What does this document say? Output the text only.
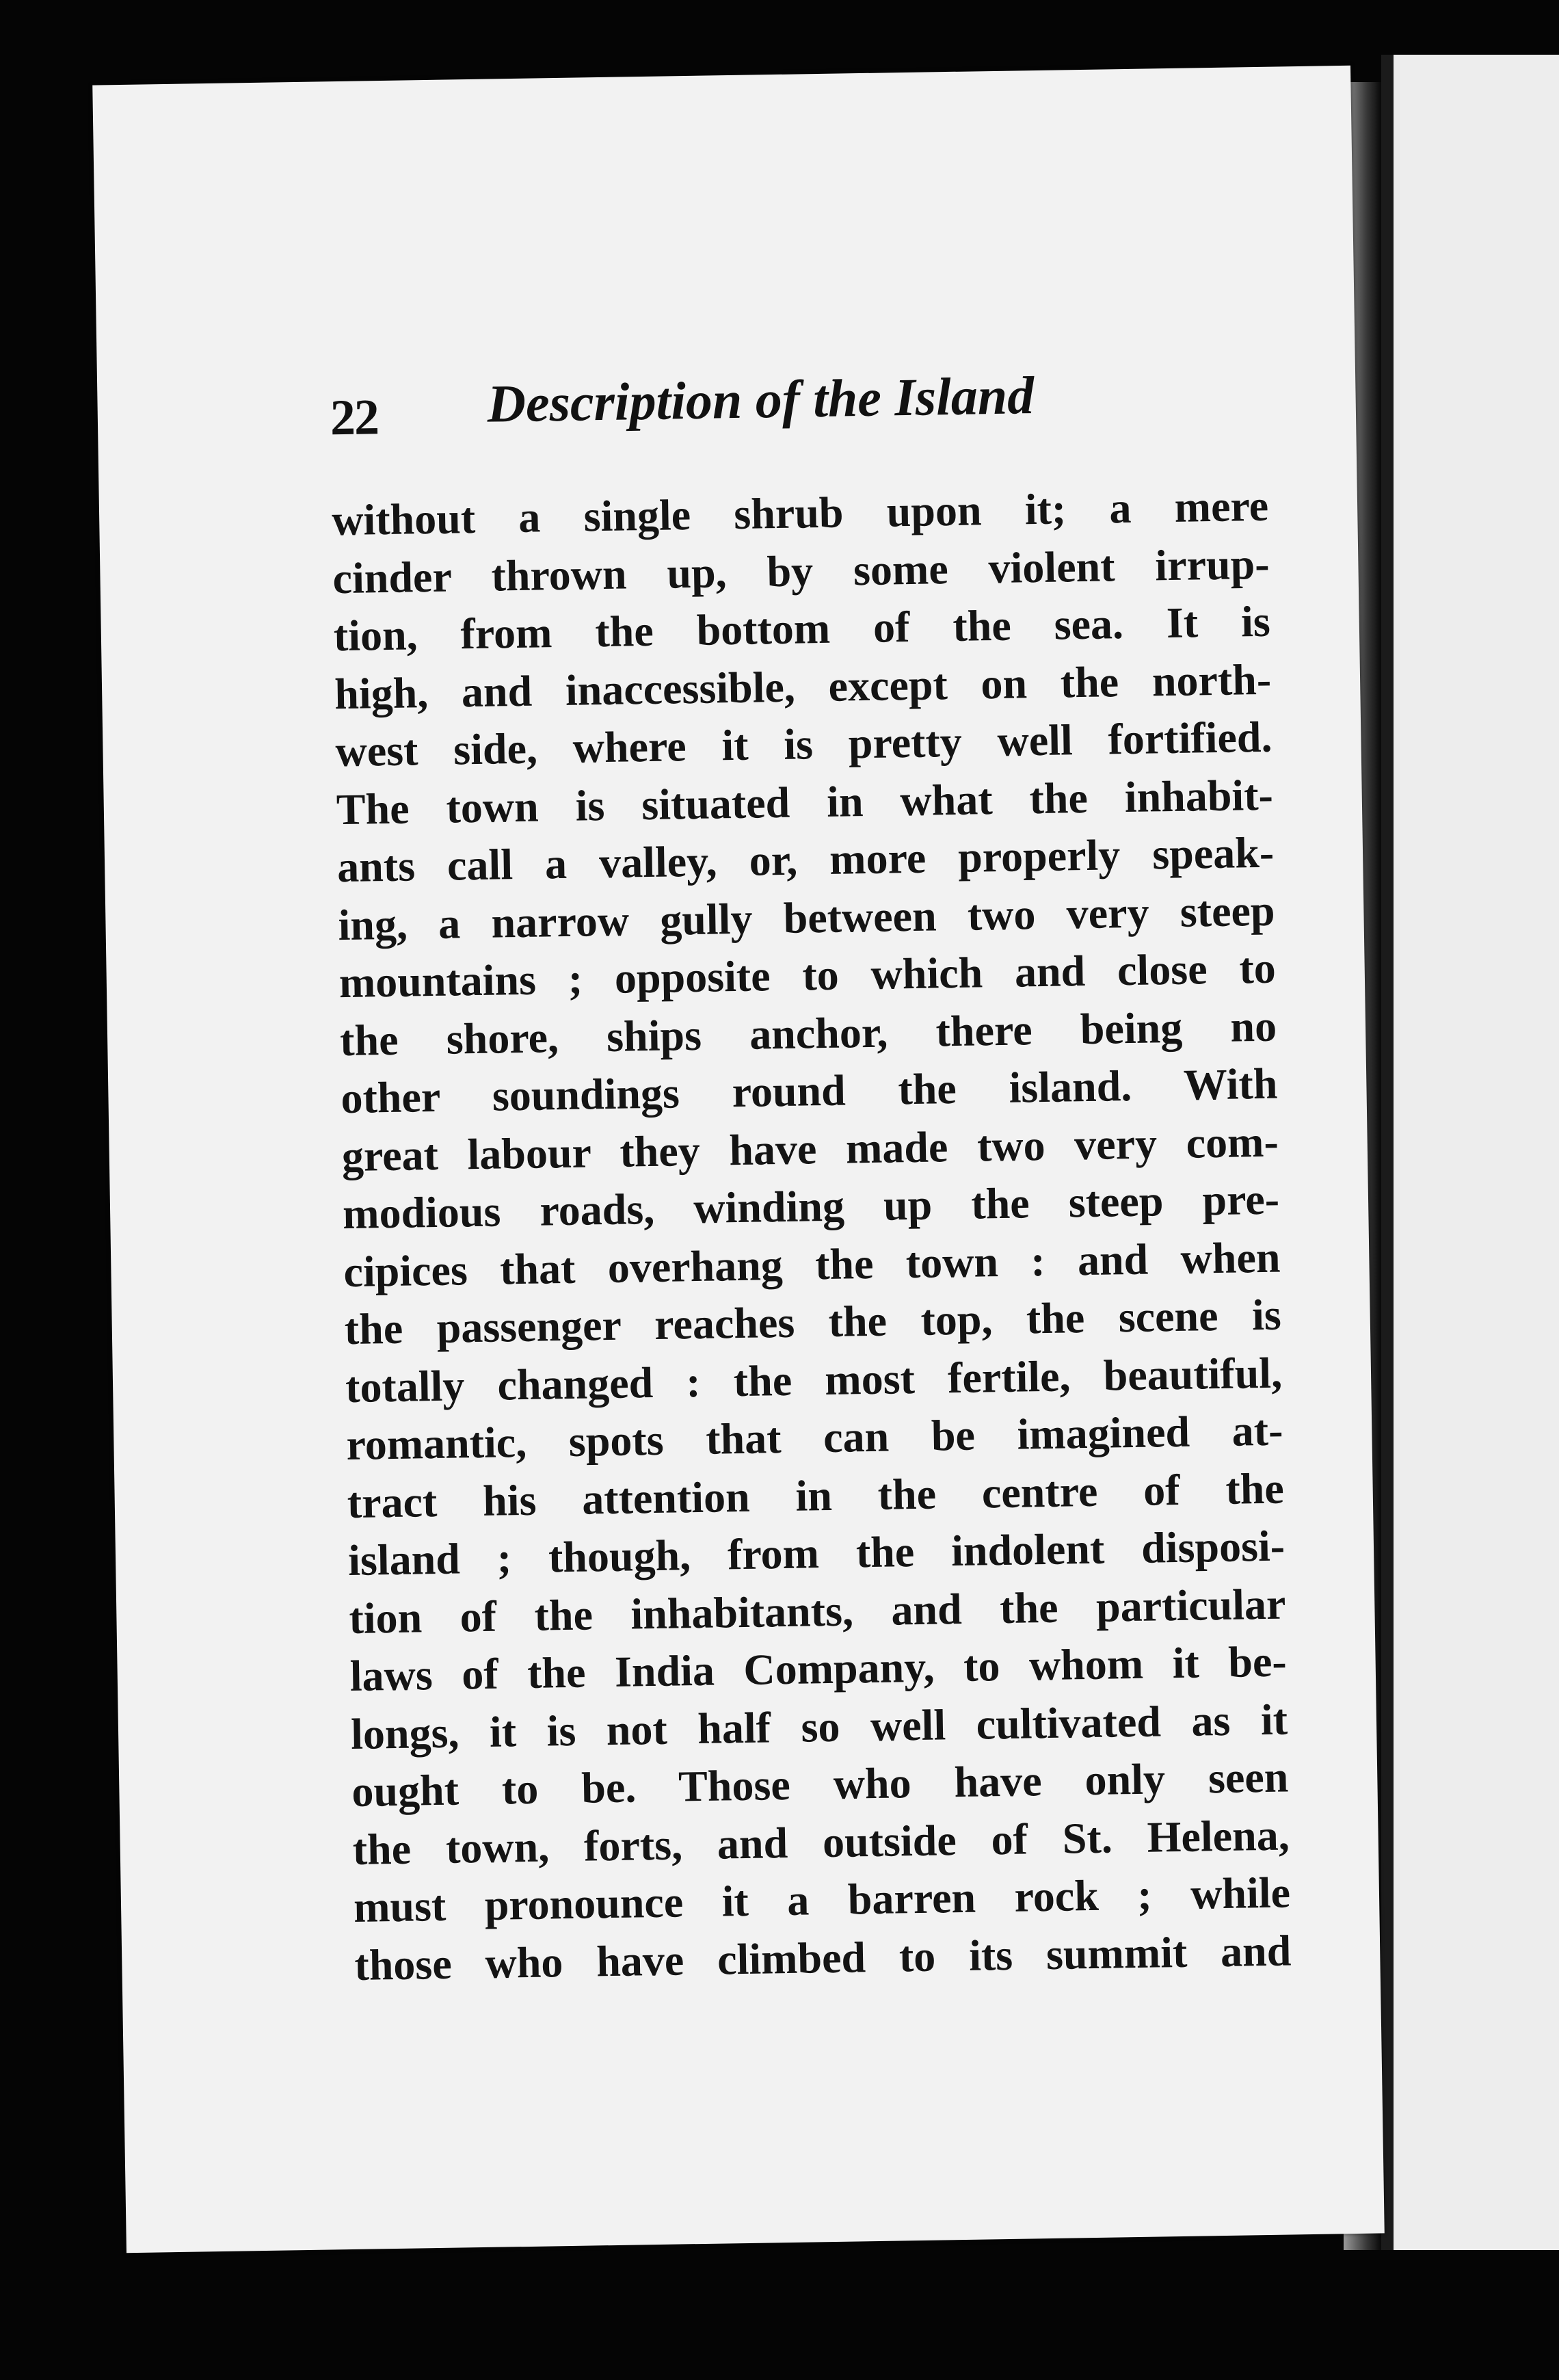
22 Description of the Island
without a single shrub upon it; a mere
cinder thrown up, by some violent irrup-
tion, from the bottom of the sea. It is
high, and inaccessible, except on the north-
west side, where it is pretty well fortified.
The town is situated in what the inhabit-
ants call a valley, or, more properly speak-
ing, a narrow gully between two very steep
mountains ; opposite to which and close to
the shore, ships anchor, there being no
other soundings round the island. With
great labour they have made two very com-
modious roads, winding up the steep pre-
cipices that overhang the town : and when
the passenger reaches the top, the scene is
totally changed : the most fertile, beautiful,
romantic, spots that can be imagined at-
tract his attention in the centre of the
island ; though, from the indolent disposi-
tion of the inhabitants, and the particular
laws of the India Company, to whom it be-
longs, it is not half so well cultivated as it
ought to be. Those who have only seen
the town, forts, and outside of St. Helena,
must pronounce it a barren rock ; while
those who have climbed to its summit and
